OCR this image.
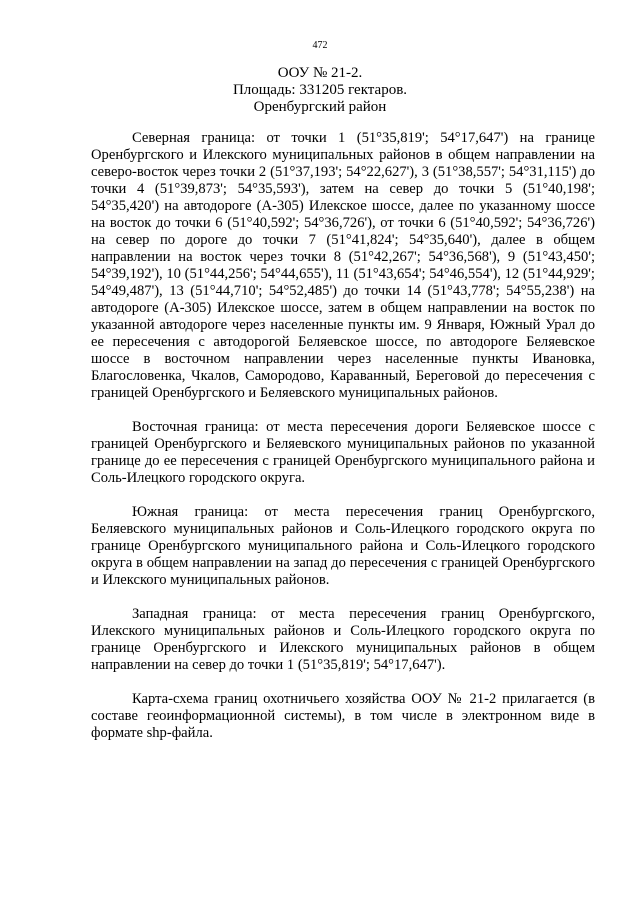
472
ООУ № 21-2.
Площадь: 331205 гектаров.
Оренбургский район

Северная граница: от точки 1 (51°35,819'; 54°17,647') на границе Оренбургского и Илекского муниципальных районов в общем направлении на северо-восток через точки 2 (51°37,193'; 54°22,627'), 3 (51°38,557'; 54°31,115') до точки 4 (51°39,873'; 54°35,593'), затем на север до точки 5 (51°40,198'; 54°35,420') на автодороге (А-305) Илекское шоссе, далее по указанному шоссе на восток до точки 6 (51°40,592'; 54°36,726'), от точки 6 (51°40,592'; 54°36,726') на север по дороге до точки 7 (51°41,824'; 54°35,640'), далее в общем направлении на восток через точки 8 (51°42,267'; 54°36,568'), 9 (51°43,450'; 54°39,192'), 10 (51°44,256'; 54°44,655'), 11 (51°43,654'; 54°46,554'), 12 (51°44,929'; 54°49,487'), 13 (51°44,710'; 54°52,485') до точки 14 (51°43,778'; 54°55,238') на автодороге (А-305) Илекское шоссе, затем в общем направлении на восток по указанной автодороге через населенные пункты им. 9 Января, Южный Урал до ее пересечения с автодорогой Беляевское шоссе, по автодороге Беляевское шоссе в восточном направлении через населенные пункты Ивановка, Благословенка, Чкалов, Самородово, Караванный, Береговой до пересечения с границей Оренбургского и Беляевского муниципальных районов.

Восточная граница: от места пересечения дороги Беляевское шоссе с границей Оренбургского и Беляевского муниципальных районов по указанной границе до ее пересечения с границей Оренбургского муниципального района и Соль-Илецкого городского округа.

Южная граница: от места пересечения границ Оренбургского, Беляевского муниципальных районов и Соль-Илецкого городского округа по границе Оренбургского муниципального района и Соль-Илецкого городского округа в общем направлении на запад до пересечения с границей Оренбургского и Илекского муниципальных районов.

Западная граница: от места пересечения границ Оренбургского, Илекского муниципальных районов и Соль-Илецкого городского округа по границе Оренбургского и Илекского муниципальных районов в общем направлении на север до точки 1 (51°35,819'; 54°17,647').

Карта-схема границ охотничьего хозяйства ООУ № 21-2 прилагается (в составе геоинформационной системы), в том числе в электронном виде в формате shp-файла.
